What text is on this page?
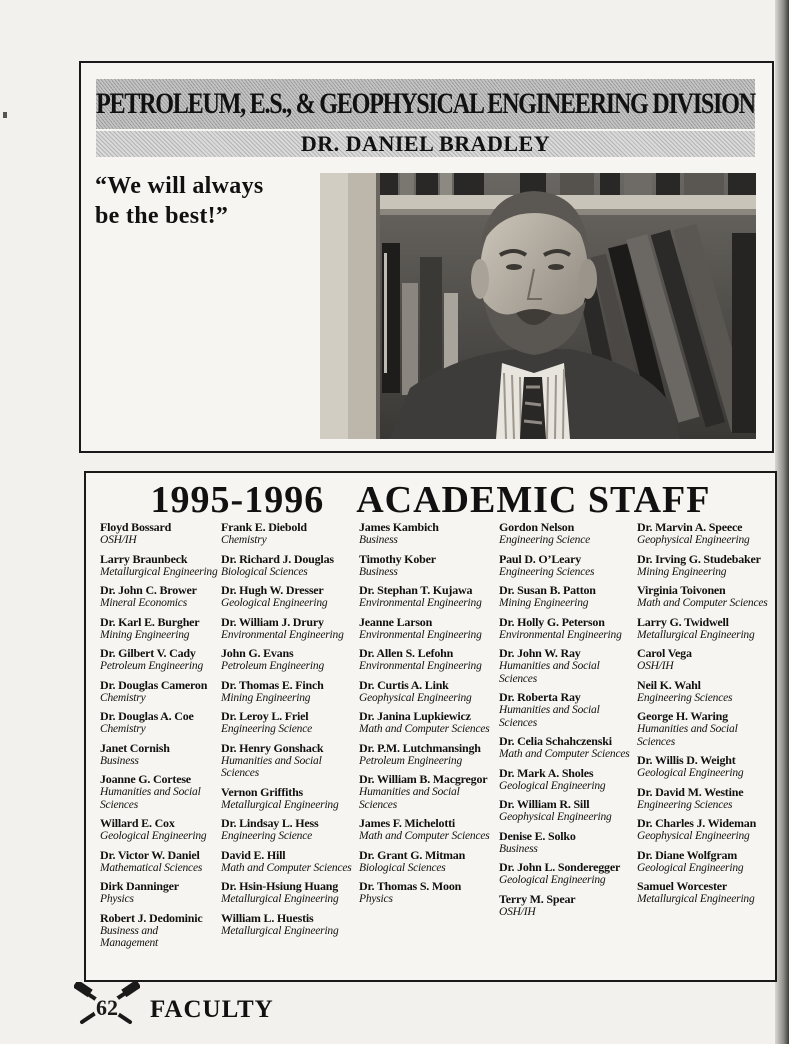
PETROLEUM, E.S., & GEOPHYSICAL ENGINEERING DIVISION
DR. DANIEL BRADLEY
“We will always
be the best!”
1995-1996 ACADEMIC STAFF
Floyd Bossard
OSH/IH
Larry Braunbeck
Metallurgical Engineering
Dr. John C. Brower
Mineral Economics
Dr. Karl E. Burgher
Mining Engineering
Dr. Gilbert V. Cady
Petroleum Engineering
Dr. Douglas Cameron
Chemistry
Dr. Douglas A. Coe
Chemistry
Janet Cornish
Business
Joanne G. Cortese
Humanities and Social Sciences
Willard E. Cox
Geological Engineering
Dr. Victor W. Daniel
Mathematical Sciences
Dirk Danninger
Physics
Robert J. Dedominic
Business and Management
Frank E. Diebold
Chemistry
Dr. Richard J. Douglas
Biological Sciences
Dr. Hugh W. Dresser
Geological Engineering
Dr. William J. Drury
Environmental Engineering
John G. Evans
Petroleum Engineering
Dr. Thomas E. Finch
Mining Engineering
Dr. Leroy L. Friel
Engineering Science
Dr. Henry Gonshack
Humanities and Social Sciences
Vernon Griffiths
Metallurgical Engineering
Dr. Lindsay L. Hess
Engineering Science
David E. Hill
Math and Computer Sciences
Dr. Hsin-Hsiung Huang
Metallurgical Engineering
William L. Huestis
Metallurgical Engineering
James Kambich
Business
Timothy Kober
Business
Dr. Stephan T. Kujawa
Environmental Engineering
Jeanne Larson
Environmental Engineering
Dr. Allen S. Lefohn
Environmental Engineering
Dr. Curtis A. Link
Geophysical Engineering
Dr. Janina Lupkiewicz
Math and Computer Sciences
Dr. P.M. Lutchmansingh
Petroleum Engineering
Dr. William B. Macgregor
Humanities and Social Sciences
James F. Michelotti
Math and Computer Sciences
Dr. Grant G. Mitman
Biological Sciences
Dr. Thomas S. Moon
Physics
Gordon Nelson
Engineering Science
Paul D. O’Leary
Engineering Sciences
Dr. Susan B. Patton
Mining Engineering
Dr. Holly G. Peterson
Environmental Engineering
Dr. John W. Ray
Humanities and Social Sciences
Dr. Roberta Ray
Humanities and Social Sciences
Dr. Celia Schahczenski
Math and Computer Sciences
Dr. Mark A. Sholes
Geological Engineering
Dr. William R. Sill
Geophysical Engineering
Denise E. Solko
Business
Dr. John L. Sonderegger
Geological Engineering
Terry M. Spear
OSH/IH
Dr. Marvin A. Speece
Geophysical Engineering
Dr. Irving G. Studebaker
Mining Engineering
Virginia Toivonen
Math and Computer Sciences
Larry G. Twidwell
Metallurgical Engineering
Carol Vega
OSH/IH
Neil K. Wahl
Engineering Sciences
George H. Waring
Humanities and Social Sciences
Dr. Willis D. Weight
Geological Engineering
Dr. David M. Westine
Engineering Sciences
Dr. Charles J. Wideman
Geophysical Engineering
Dr. Diane Wolfgram
Geological Engineering
Samuel Worcester
Metallurgical Engineering
62 FACULTY
